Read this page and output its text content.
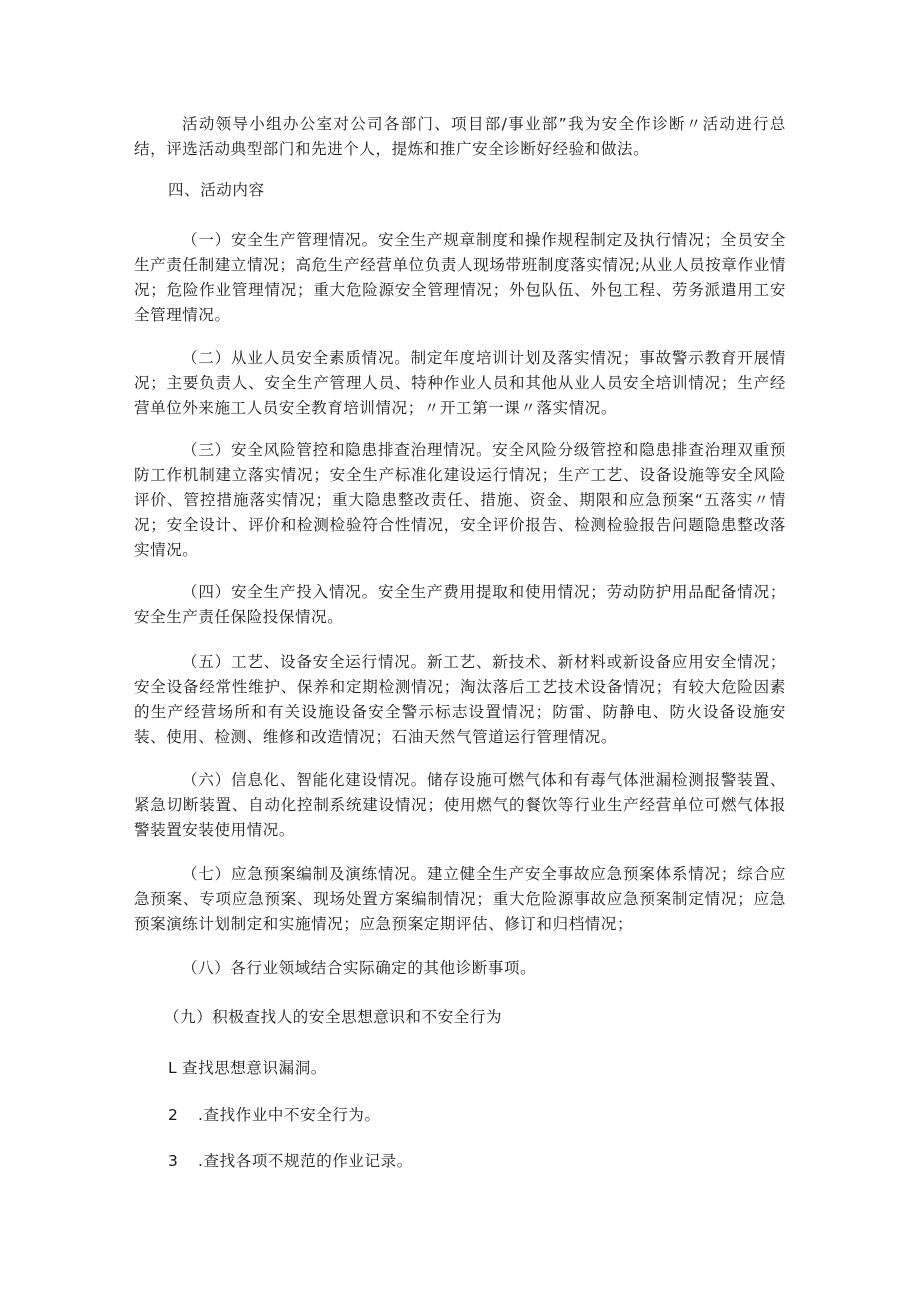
活动领导小组办公室对公司各部门、项目部/事业部”我为安全作诊断〃活动进行总结，评选活动典型部门和先进个人，提炼和推广安全诊断好经验和做法。

四、活动内容

（一）安全生产管理情况。安全生产规章制度和操作规程制定及执行情况；全员安全生产责任制建立情况；高危生产经营单位负责人现场带班制度落实情况;从业人员按章作业情况；危险作业管理情况；重大危险源安全管理情况；外包队伍、外包工程、劳务派遣用工安全管理情况。

（二）从业人员安全素质情况。制定年度培训计划及落实情况；事故警示教育开展情况；主要负责人、安全生产管理人员、特种作业人员和其他从业人员安全培训情况；生产经营单位外来施工人员安全教育培训情况；〃开工第一课〃落实情况。

（三）安全风险管控和隐患排查治理情况。安全风险分级管控和隐患排查治理双重预防工作机制建立落实情况；安全生产标准化建设运行情况；生产工艺、设备设施等安全风险评价、管控措施落实情况；重大隐患整改责任、措施、资金、期限和应急预案“五落实〃情况；安全设计、评价和检测检验符合性情况，安全评价报告、检测检验报告问题隐患整改落实情况。

（四）安全生产投入情况。安全生产费用提取和使用情况；劳动防护用品配备情况；安全生产责任保险投保情况。

（五）工艺、设备安全运行情况。新工艺、新技术、新材料或新设备应用安全情况；安全设备经常性维护、保养和定期检测情况；淘汰落后工艺技术设备情况；有较大危险因素的生产经营场所和有关设施设备安全警示标志设置情况；防雷、防静电、防火设备设施安装、使用、检测、维修和改造情况；石油天然气管道运行管理情况。

（六）信息化、智能化建设情况。储存设施可燃气体和有毒气体泄漏检测报警装置、紧急切断装置、自动化控制系统建设情况；使用燃气的餐饮等行业生产经营单位可燃气体报警装置安装使用情况。

（七）应急预案编制及演练情况。建立健全生产安全事故应急预案体系情况；综合应急预案、专项应急预案、现场处置方案编制情况；重大危险源事故应急预案制定情况；应急预案演练计划制定和实施情况；应急预案定期评估、修订和归档情况；

（八）各行业领域结合实际确定的其他诊断事项。

（九）积极查找人的安全思想意识和不安全行为

L 查找思想意识漏洞。

2 .查找作业中不安全行为。

3 .查找各项不规范的作业记录。
